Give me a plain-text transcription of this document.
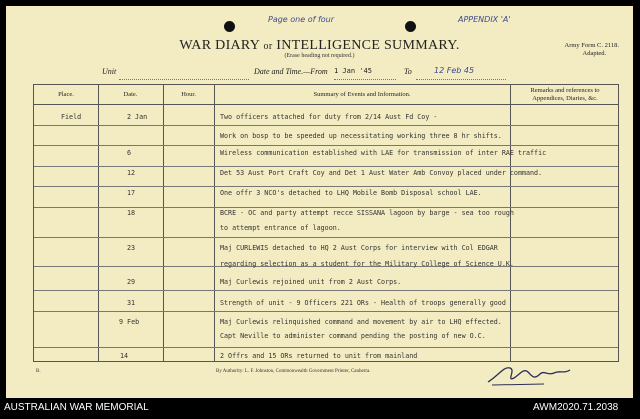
Page one of four	APPENDIX 'A'
WAR DIARY or INTELLIGENCE SUMMARY.
(Erase heading not required.)
Army Form C. 2118.
Adapted.
Unit	Date and Time.—From 1 Jan '45	To	12 Feb 45
Place.	Date.	Hour.	Summary of Events and Information.
Remarks and references to Appendices, Diaries, &c.
Field	2 Jan	Two officers attached for duty from 2/14 Aust Fd Coy -
Work on bosp to be speeded up necessitating working three 8 hr shifts.
6	Wireless communication established with LAE for transmission of inter RAE traffic
12	Det 53 Aust Port Craft Coy and Det 1 Aust Water Amb Convoy placed under command.
17	One offr 3 NCO's detached to LHQ Mobile Bomb Disposal school LAE.
18	BCRE - OC and party attempt recce SISSANA lagoon by barge - sea too rough
to attempt entrance of lagoon.
23	Maj CURLEWIS detached to HQ 2 Aust Corps for interview with Col EDGAR
regarding selection as a student for the Military College of Science U.K.
29	Maj Curlewis rejoined unit from 2 Aust Corps.
31	Strength of unit - 9 Officers 221 ORs - Health of troops generally good
9 Feb	Maj Curlewis relinquished command and movement by air to LHQ effected.
Capt Neville to administer command pending the posting of new O.C.
14	2 Offrs and 15 ORs returned to unit from mainland
B.	By Authority: L. F. Johnston, Commonwealth Government Printer, Canberra.
AUSTRALIAN WAR MEMORIAL	AWM2020.71.2038
